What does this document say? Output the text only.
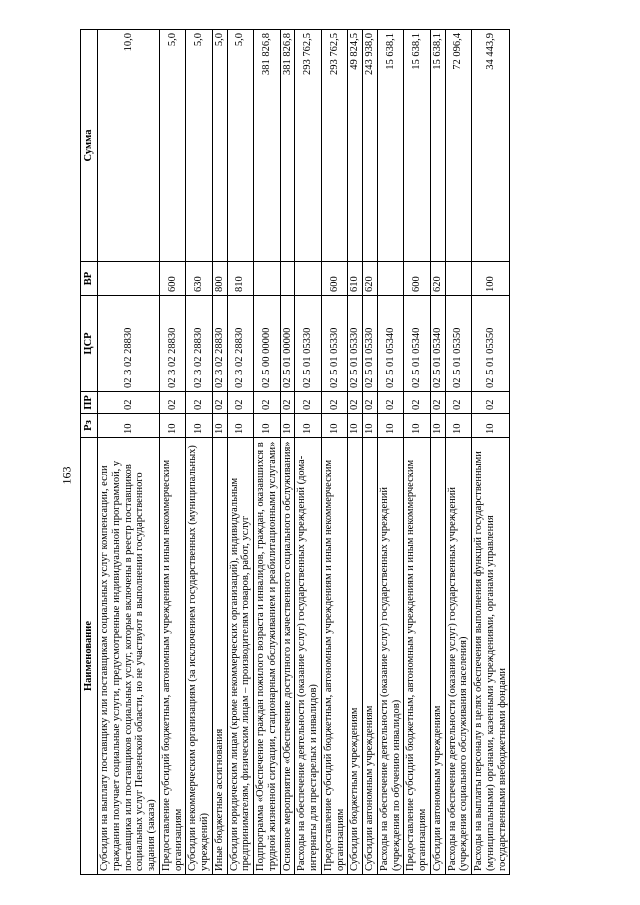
163
Наименование	Рз	ПР	ЦСР	ВР	Сумма
Субсидии на выплату поставщику или поставщикам социальных услуг компенсации, если гражданин получает социальные услуги, предусмотренные индивидуальной программой, у поставщика или поставщиков социальных услуг, которые включены в реестр поставщиков социальных услуг Пензенской области, но не участвуют в выполнении государственного задания (заказа)	10	02	02 3 02 28830		10,0
Предоставление субсидий бюджетным, автономным учреждениям и иным некоммерческим организациям	10	02	02 3 02 28830	600	5,0
Субсидии некоммерческим организациям (за исключением государственных (муниципальных) учреждений)	10	02	02 3 02 28830	630	5,0
Иные бюджетные ассигнования	10	02	02 3 02 28830	800	5,0
Субсидии юридическим лицам (кроме некоммерческих организаций), индивидуальным предпринимателям, физическим лицам – производителям товаров, работ, услуг	10	02	02 3 02 28830	810	5,0
Подпрограмма «Обеспечение граждан пожилого возраста и инвалидов, граждан, оказавшихся в трудной жизненной ситуации, стационарным обслуживанием и реабилитационными услугами»	10	02	02 5 00 00000		381 826,8
Основное мероприятие «Обеспечение доступного и качественного социального обслуживания»	10	02	02 5 01 00000		381 826,8
Расходы на обеспечение деятельности (оказание услуг) государственных учреждений (дома-интернаты для престарелых и инвалидов)	10	02	02 5 01 05330		293 762,5
Предоставление субсидий бюджетным, автономным учреждениям и иным некоммерческим организациям	10	02	02 5 01 05330	600	293 762,5
Субсидии бюджетным учреждениям	10	02	02 5 01 05330	610	49 824,5
Субсидии автономным учреждениям	10	02	02 5 01 05330	620	243 938,0
Расходы на обеспечение деятельности (оказание услуг) государственных учреждений (учреждения по обучению инвалидов)	10	02	02 5 01 05340		15 638,1
Предоставление субсидий бюджетным, автономным учреждениям и иным некоммерческим организациям	10	02	02 5 01 05340	600	15 638,1
Субсидии автономным учреждениям	10	02	02 5 01 05340	620	15 638,1
Расходы на обеспечение деятельности (оказание услуг) государственных учреждений (учреждения социального обслуживания населения)	10	02	02 5 01 05350		72 096,4
Расходы на выплаты персоналу в целях обеспечения выполнения функций государственными (муниципальными) органами, казенными учреждениями, органами управления государственными внебюджетными фондами	10	02	02 5 01 05350	100	34 443,9
